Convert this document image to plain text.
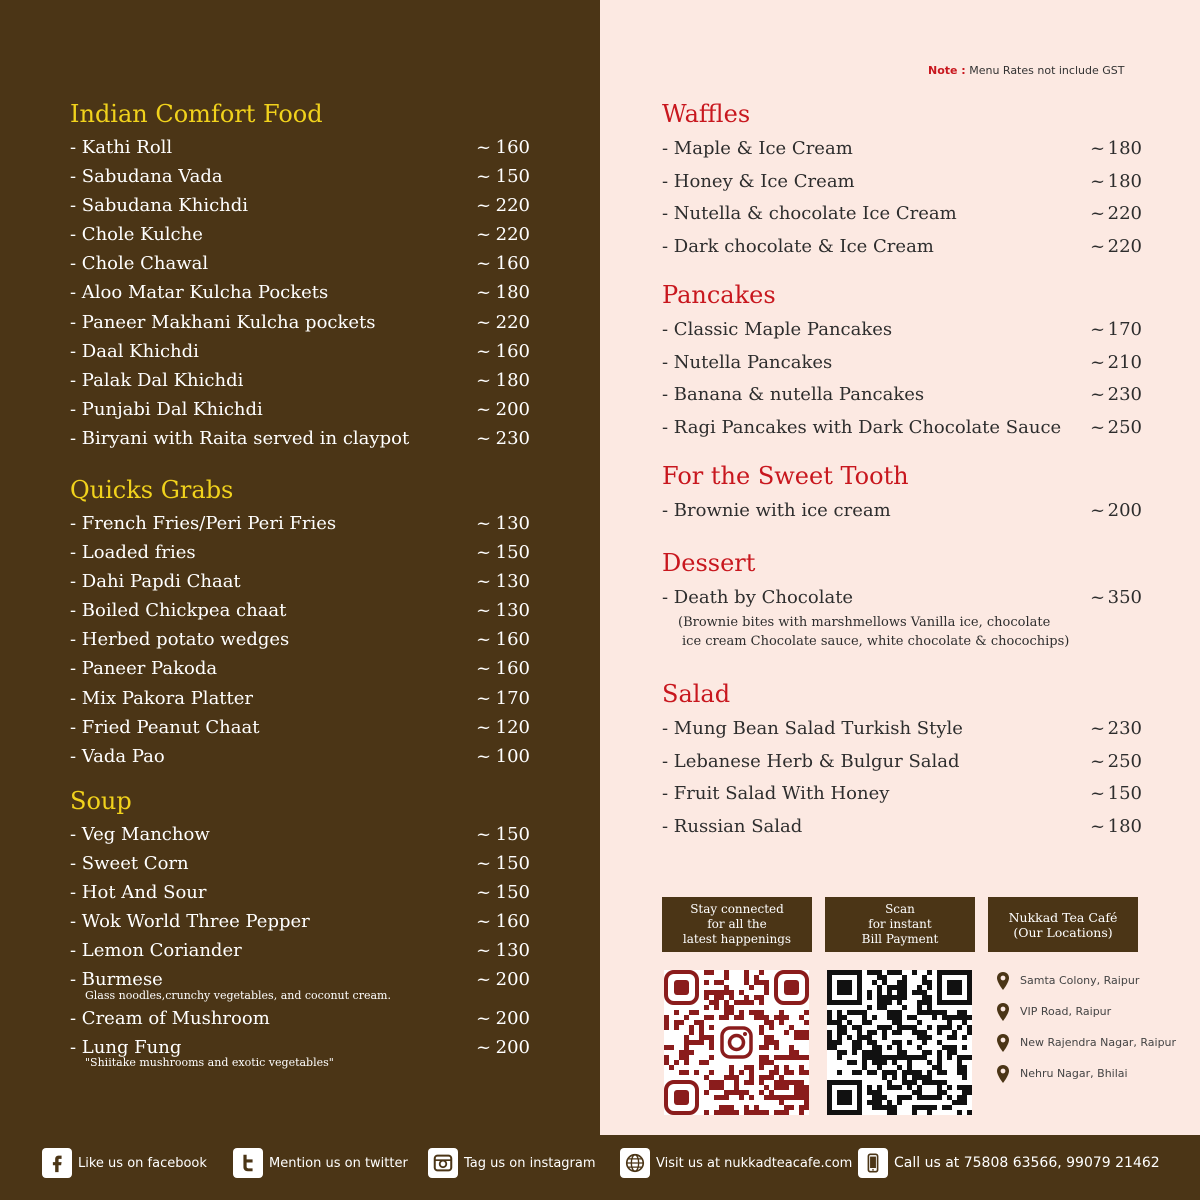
Indian Comfort Food
- Kathi Roll	~ 160
- Sabudana Vada	~ 150
- Sabudana Khichdi	~ 220
- Chole Kulche	~ 220
- Chole Chawal	~ 160
- Aloo Matar Kulcha Pockets	~ 180
- Paneer Makhani Kulcha pockets	~ 220
- Daal Khichdi	~ 160
- Palak Dal Khichdi	~ 180
- Punjabi Dal Khichdi	~ 200
- Biryani with Raita served in claypot	~ 230
Quicks Grabs
- French Fries/Peri Peri Fries	~ 130
- Loaded fries	~ 150
- Dahi Papdi Chaat	~ 130
- Boiled Chickpea chaat	~ 130
- Herbed potato wedges	~ 160
- Paneer Pakoda	~ 160
- Mix Pakora Platter	~ 170
- Fried Peanut Chaat	~ 120
- Vada Pao	~ 100
Soup
- Veg Manchow	~ 150
- Sweet Corn	~ 150
- Hot And Sour	~ 150
- Wok World Three Pepper	~ 160
- Lemon Coriander	~ 130
- Burmese	~ 200
Glass noodles,crunchy vegetables, and coconut cream.
- Cream of Mushroom	~ 200
- Lung Fung	~ 200
"Shiitake mushrooms and exotic vegetables"
Note : Menu Rates not include GST
Waffles
- Maple & Ice Cream	~ 180
- Honey & Ice Cream	~ 180
- Nutella & chocolate Ice Cream	~ 220
- Dark chocolate & Ice Cream	~ 220
Pancakes
- Classic Maple Pancakes	~ 170
- Nutella Pancakes	~ 210
- Banana & nutella Pancakes	~ 230
- Ragi Pancakes with Dark Chocolate Sauce ~ 250
For the Sweet Tooth
- Brownie with ice cream	~ 200
Dessert
- Death by Chocolate	~ 350
(Brownie bites with marshmellows Vanilla ice, chocolate
ice cream Chocolate sauce, white chocolate & chocochips)
Salad
- Mung Bean Salad Turkish Style	~ 230
- Lebanese Herb & Bulgur Salad	~ 250
- Fruit Salad With Honey	~ 150
- Russian Salad	~ 180
Stay connected
for all the
latest happenings
Scan
for instant
Bill Payment
Nukkad Tea Café
(Our Locations)
Samta Colony, Raipur
VIP Road, Raipur
New Rajendra Nagar, Raipur
Nehru Nagar, Bhilai
Like us on facebook	Mention us on twitter	Tag us on instagram	Visit us at nukkadteacafe.com	Call us at 75808 63566, 99079 21462
